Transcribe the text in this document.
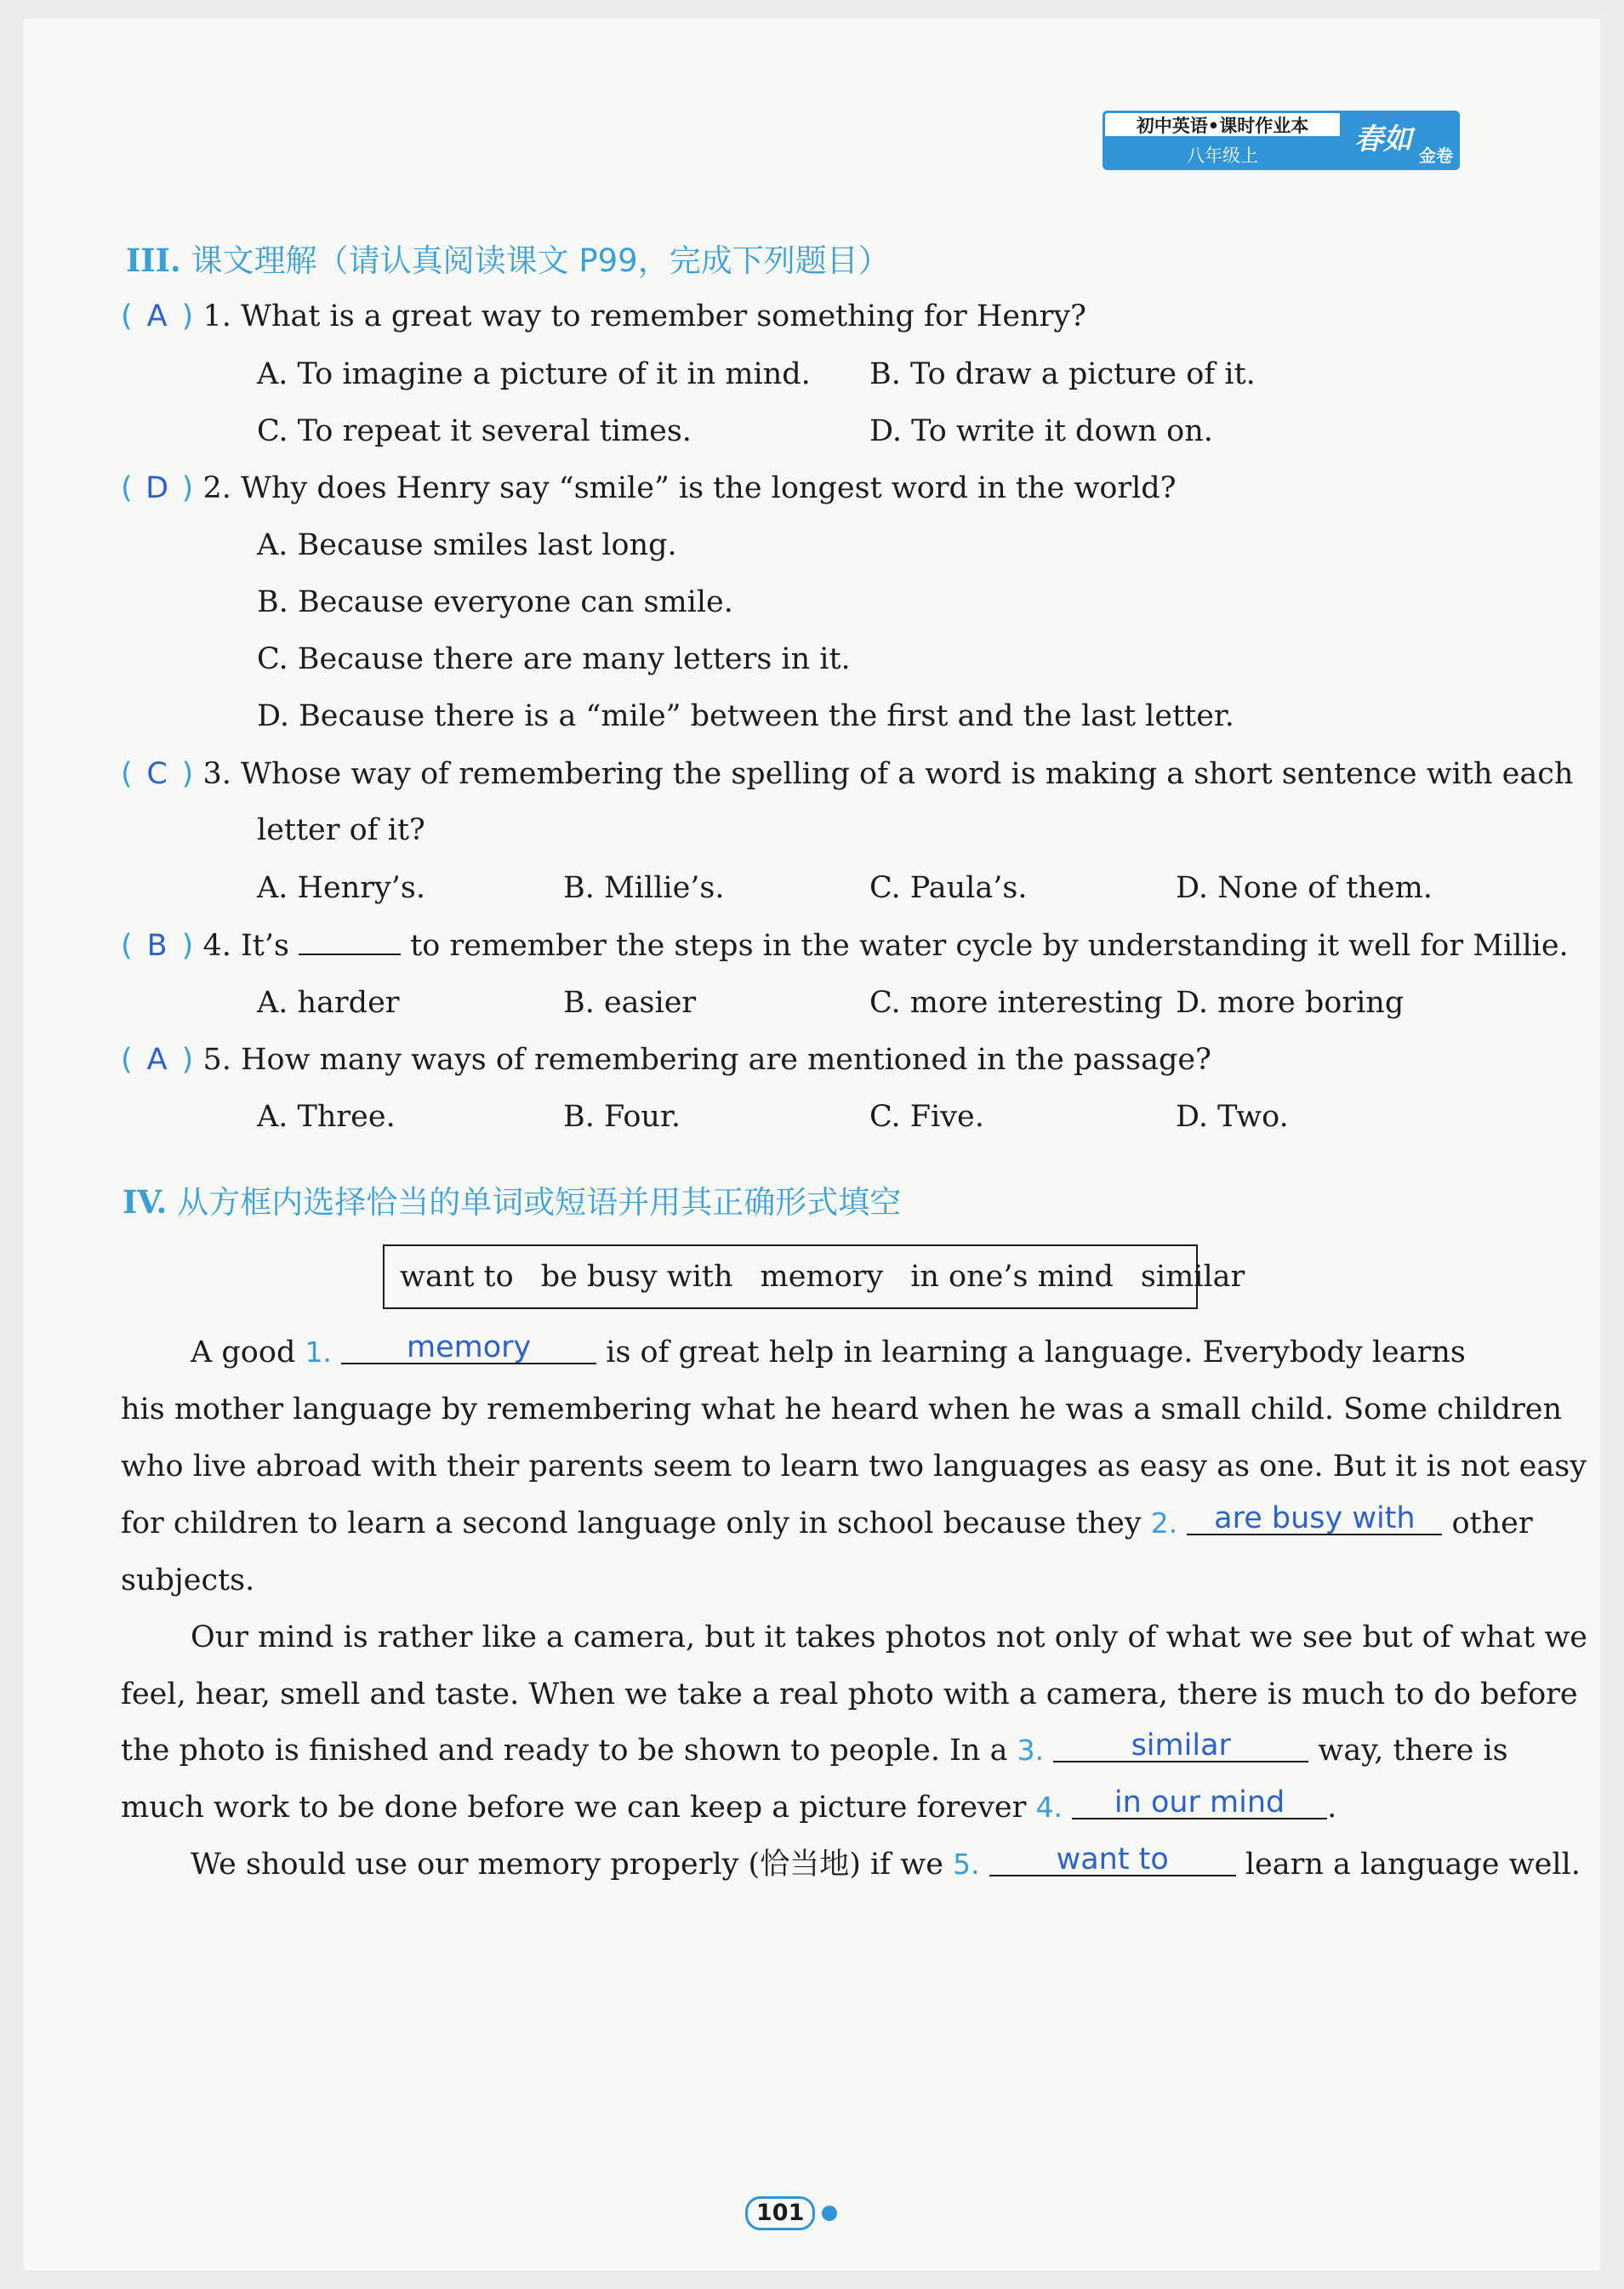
初中英语•课时作业本
八年级上	春如 金卷
III. 课文理解（请认真阅读课文 P99，完成下列题目）
( A ) 1. What is a great way to remember something for Henry?
A. To imagine a picture of it in mind. B. To draw a picture of it.
C. To repeat it several times.	D. To write it down on.
( D ) 2. Why does Henry say “smile” is the longest word in the world?
A. Because smiles last long.
B. Because everyone can smile.
C. Because there are many letters in it.
D. Because there is a “mile” between the first and the last letter.
( C ) 3. Whose way of remembering the spelling of a word is making a short sentence with each
letter of it?
A. Henry’s.	B. Millie’s.	C. Paula’s.	D. None of them.
( B ) 4. It’s	to remember the steps in the water cycle by understanding it well for Millie.
A. harder	B. easier	C. more interesting D. more boring
( A ) 5. How many ways of remembering are mentioned in the passage?
A. Three.	B. Four.	C. Five.	D. Two.
IV. 从方框内选择恰当的单词或短语并用其正确形式填空
want to be busy with memory in one’s mind similar
A good 1.	memory is of great help in learning a language. Everybody learns
his mother language by remembering what he heard when he was a small child. Some children
who live abroad with their parents seem to learn two languages as easy as one. But it is not easy
for children to learn a second language only in school because they 2. are busy with other
subjects.
Our mind is rather like a camera, but it takes photos not only of what we see but of what we
feel, hear, smell and taste. When we take a real photo with a camera, there is much to do before
the photo is finished and ready to be shown to people. In a 3.	similar	way, there is
much work to be done before we can keep a picture forever 4. in our mind .
We should use our memory properly (恰当地) if we 5.	want to learn a language well.
101
